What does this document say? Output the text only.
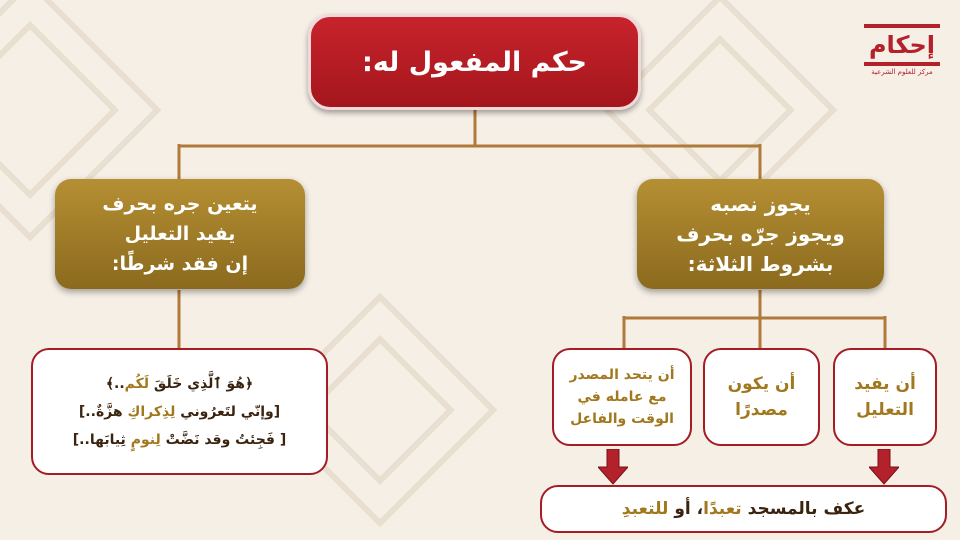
إحكام
مركز للعلوم الشرعية
حكم المفعول له:
يجوز نصبه
ويجوز جرّه بحرف
بشروط الثلاثة:
يتعين جره بحرف
يفيد التعليل
إن فقد شرطًا:
أن يفيد
التعليل
أن يكون
مصدرًا
أن يتحد المصدر
مع عامله في
الوقت والفاعل
﴿هُوَ ٱلَّذِي خَلَقَ لَكُم..﴾
[وإنّي لتَعرُوني لِذِكراكِ هزَّةٌ..]
[ فَجِئتُ وقد نَضَّتْ لِنومٍ ثِيابَها..]
عكف بالمسجد تعبدًا، أو للتعبدِ
